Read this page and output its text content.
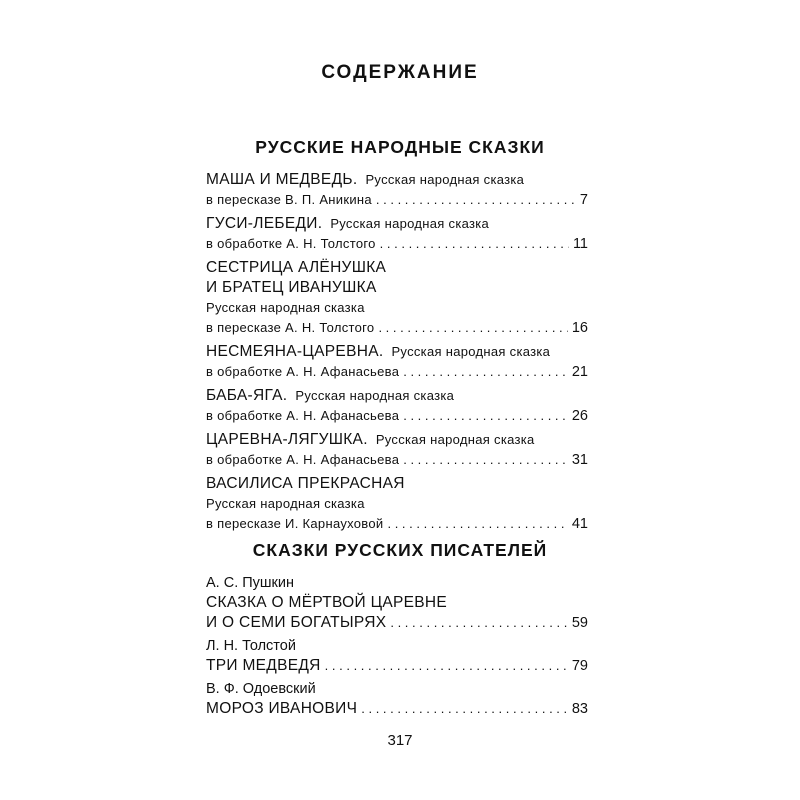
СОДЕРЖАНИЕ
РУССКИЕ НАРОДНЫЕ СКАЗКИ
МАША И МЕДВЕДЬ. Русская народная сказка
в пересказе В. П. Аникина . . .	7
ГУСИ-ЛЕБЕДИ. Русская народная сказка
в обработке А. Н. Толстого . . .	11
СЕСТРИЦА АЛЁНУШКА
И БРАТЕЦ ИВАНУШКА
Русская народная сказка
в пересказе А. Н. Толстого . . .	16
НЕСМЕЯНА-ЦАРЕВНА. Русская народная сказка
в обработке А. Н. Афанасьева . . .	21
БАБА-ЯГА. Русская народная сказка
в обработке А. Н. Афанасьева . . .	26
ЦАРЕВНА-ЛЯГУШКА. Русская народная сказка
в обработке А. Н. Афанасьева . . .	31
ВАСИЛИСА ПРЕКРАСНАЯ
Русская народная сказка
в пересказе И. Карнауховой . . .	41
СКАЗКИ РУССКИХ ПИСАТЕЛЕЙ
А. С. Пушкин
СКАЗКА О МЁРТВОЙ ЦАРЕВНЕ
И О СЕМИ БОГАТЫРЯХ . . .	59
Л. Н. Толстой
ТРИ МЕДВЕДЯ . . .	79
В. Ф. Одоевский
МОРОЗ ИВАНОВИЧ . . .	83
317
